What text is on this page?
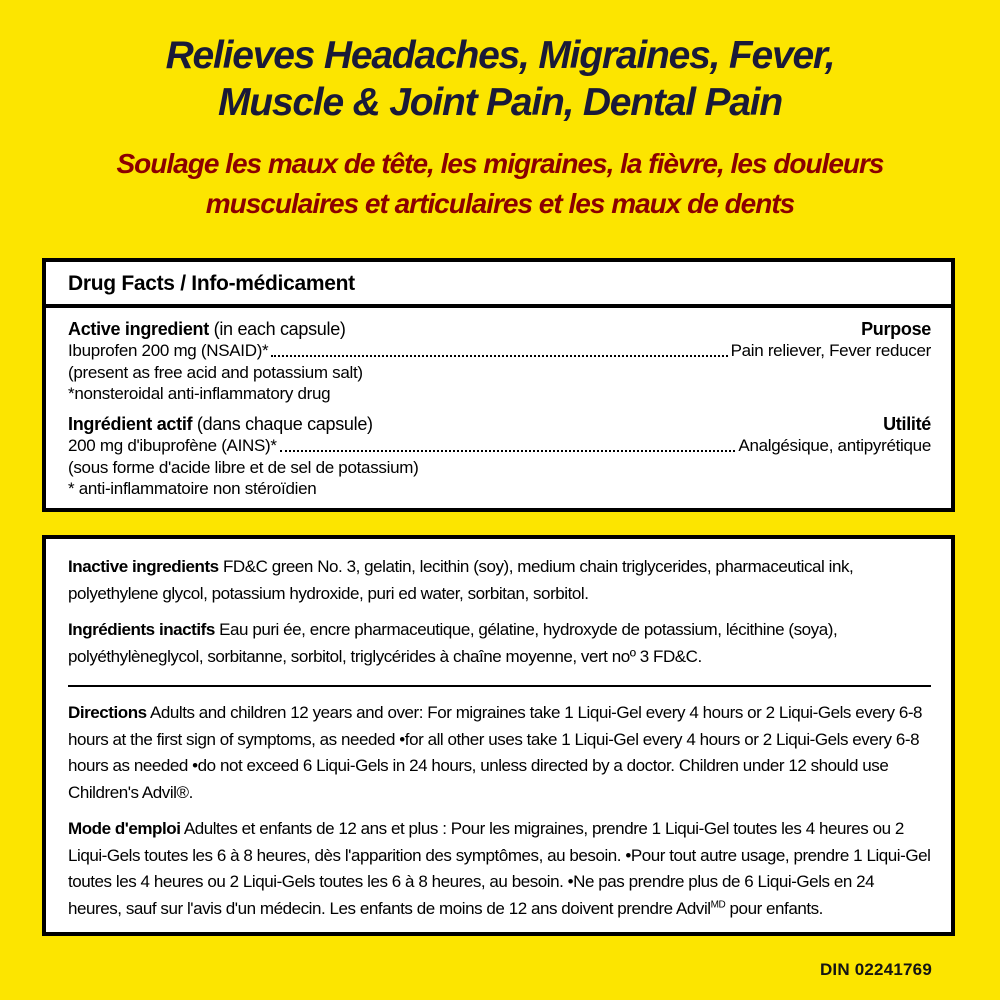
Relieves Headaches, Migraines, Fever,
Muscle & Joint Pain, Dental Pain
Soulage les maux de tête, les migraines, la fièvre, les douleurs
musculaires et articulaires et les maux de dents
Drug Facts / Info-médicament
Active ingredient (in each capsule)	Purpose
Ibuprofen 200 mg (NSAID)*	Pain reliever, Fever reducer
(present as free acid and potassium salt)
*nonsteroidal anti-inflammatory drug
Ingrédient actif (dans chaque capsule)	Utilité
200 mg d'ibuprofène (AINS)*	Analgésique, antipyrétique
(sous forme d'acide libre et de sel de potassium)
* anti-inflammatoire non stéroïdien

Inactive ingredients FD&C green No. 3, gelatin, lecithin (soy), medium chain triglycerides, pharmaceutical ink, polyethylene glycol, potassium hydroxide, puri ed water, sorbitan, sorbitol.

Ingrédients inactifs Eau puri ée, encre pharmaceutique, gélatine, hydroxyde de potassium, lécithine (soya), polyéthylèneglycol, sorbitanne, sorbitol, triglycérides à chaîne moyenne, vert noº 3 FD&C.

Directions Adults and children 12 years and over: For migraines take 1 Liqui-Gel every 4 hours or 2 Liqui-Gels every 6-8 hours at the first sign of symptoms, as needed •for all other uses take 1 Liqui-Gel every 4 hours or 2 Liqui-Gels every 6-8 hours as needed •do not exceed 6 Liqui-Gels in 24 hours, unless directed by a doctor. Children under 12 should use Children's Advil®.

Mode d'emploi Adultes et enfants de 12 ans et plus : Pour les migraines, prendre 1 Liqui-Gel toutes les 4 heures ou 2 Liqui-Gels toutes les 6 à 8 heures, dès l'apparition des symptômes, au besoin. •Pour tout autre usage, prendre 1 Liqui-Gel toutes les 4 heures ou 2 Liqui-Gels toutes les 6 à 8 heures, au besoin. •Ne pas prendre plus de 6 Liqui-Gels en 24 heures, sauf sur l'avis d'un médecin. Les enfants de moins de 12 ans doivent prendre Advil$^{MD}$ pour enfants.

DIN 02241769
